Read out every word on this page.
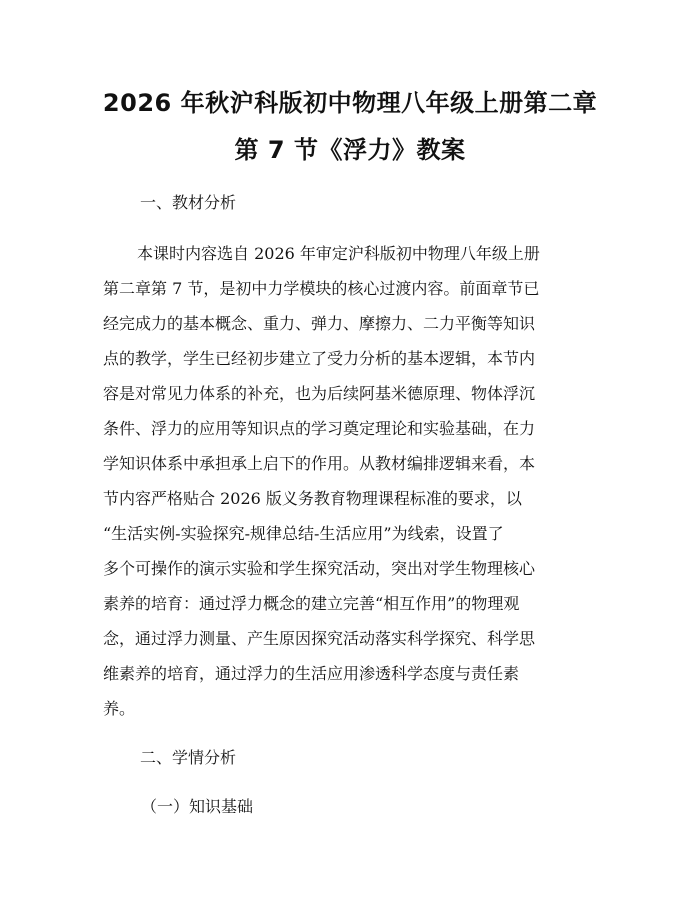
2026 年秋沪科版初中物理八年级上册第二章
第 7 节《浮力》教案
一、教材分析
本课时内容选自 2026 年审定沪科版初中物理八年级上册
第二章第 7 节，是初中力学模块的核心过渡内容。前面章节已
经完成力的基本概念、重力、弹力、摩擦力、二力平衡等知识
点的教学，学生已经初步建立了受力分析的基本逻辑，本节内
容是对常见力体系的补充，也为后续阿基米德原理、物体浮沉
条件、浮力的应用等知识点的学习奠定理论和实验基础，在力
学知识体系中承担承上启下的作用。从教材编排逻辑来看，本
节内容严格贴合 2026 版义务教育物理课程标准的要求，以
“生活实例-实验探究-规律总结-生活应用”为线索，设置了
多个可操作的演示实验和学生探究活动，突出对学生物理核心
素养的培育：通过浮力概念的建立完善“相互作用”的物理观
念，通过浮力测量、产生原因探究活动落实科学探究、科学思
维素养的培育，通过浮力的生活应用渗透科学态度与责任素
养。
二、学情分析
（一）知识基础
